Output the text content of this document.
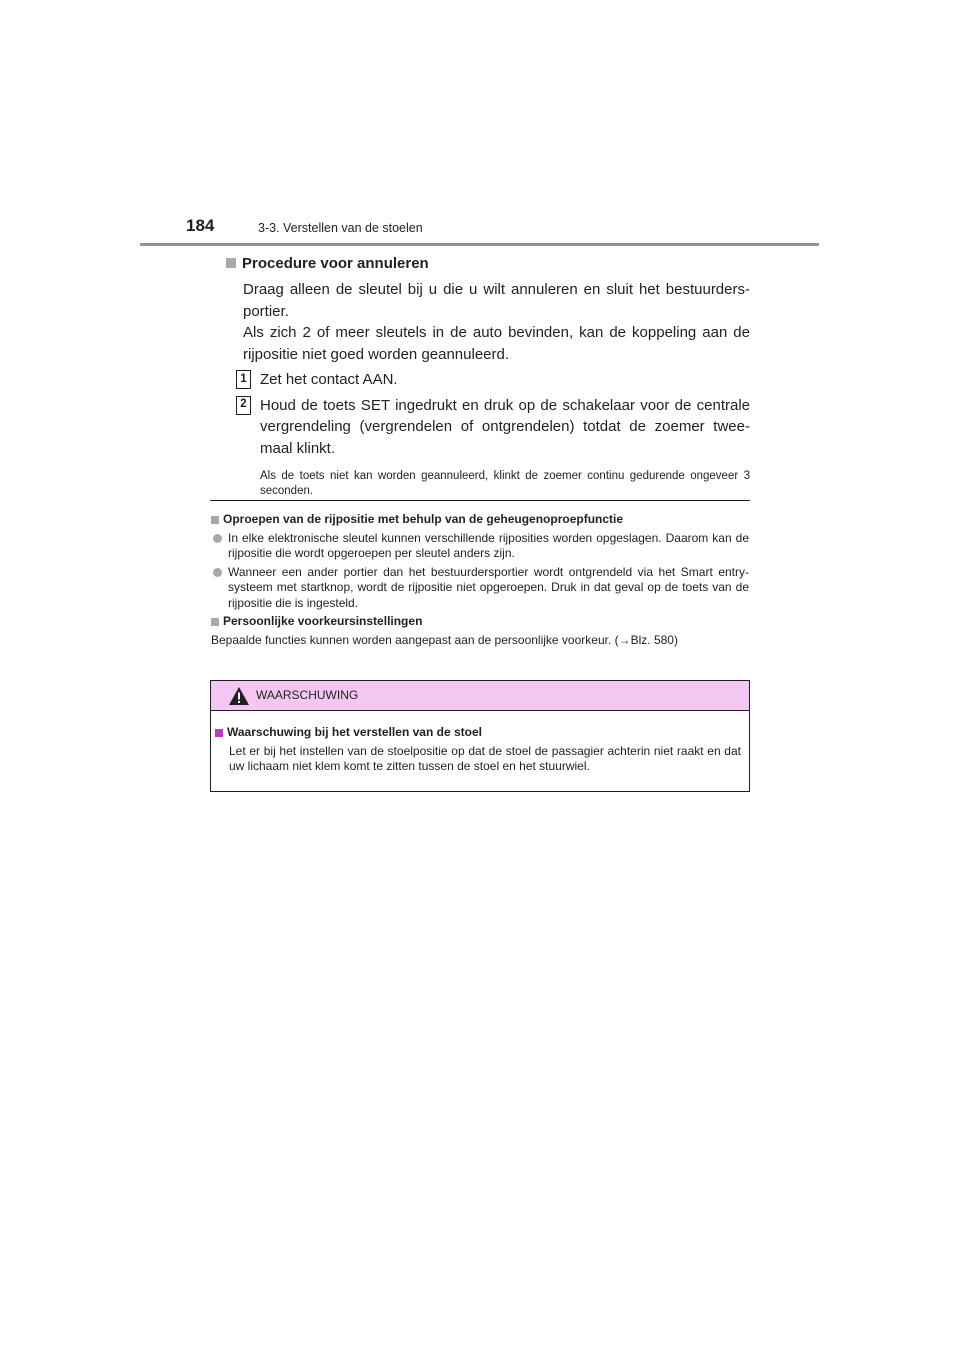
184	3-3. Verstellen van de stoelen
Procedure voor annuleren

Draag alleen de sleutel bij u die u wilt annuleren en sluit het bestuurders-portier.

Als zich 2 of meer sleutels in de auto bevinden, kan de koppeling aan de rijpositie niet goed worden geannuleerd.

1 Zet het contact AAN.
2 Houd de toets SET ingedrukt en druk op de schakelaar voor de centrale vergrendeling (vergrendelen of ontgrendelen) totdat de zoemer twee-maal klinkt.
Als de toets niet kan worden geannuleerd, klinkt de zoemer continu gedurende ongeveer 3 seconden.
Oproepen van de rijpositie met behulp van de geheugenoproepfunctie
In elke elektronische sleutel kunnen verschillende rijposities worden opgeslagen. Daarom kan de rijpositie die wordt opgeroepen per sleutel anders zijn.
Wanneer een ander portier dan het bestuurdersportier wordt ontgrendeld via het Smart entry-systeem met startknop, wordt de rijpositie niet opgeroepen. Druk in dat geval op de toets van de rijpositie die is ingesteld.
Persoonlijke voorkeursinstellingen
Bepaalde functies kunnen worden aangepast aan de persoonlijke voorkeur. (→Blz. 580)
WAARSCHUWING
Waarschuwing bij het verstellen van de stoel
Let er bij het instellen van de stoelpositie op dat de stoel de passagier achterin niet raakt en dat uw lichaam niet klem komt te zitten tussen de stoel en het stuurwiel.
